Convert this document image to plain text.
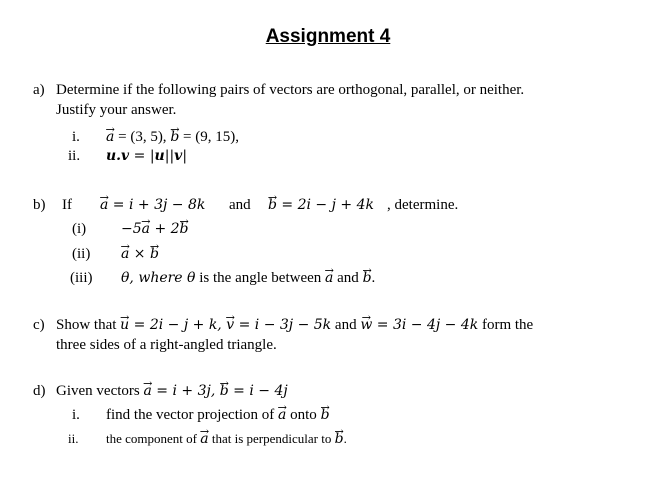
Assignment 4
a) Determine if the following pairs of vectors are orthogonal, parallel, or neither.
Justify your answer.
i. → a = (3, 5), → b = (9, 15),
ii. u.v = |u||v|
b) If → a = i + 3j − 8k and → b = 2i − j + 4k , determine.
(i) −5→ a + 2→ b
(ii) → a × → b
(iii) θ, where θ is the angle between → a and → b.
c) Show that → u = 2i − j + k, → v = i − 3j − 5k and → w = 3i − 4j − 4k form the
three sides of a right-angled triangle.
d) Given vectors → a = i + 3j, → b = i − 4j
i. find the vector projection of → a onto → b
ii. the component of → a that is perpendicular to → b.
